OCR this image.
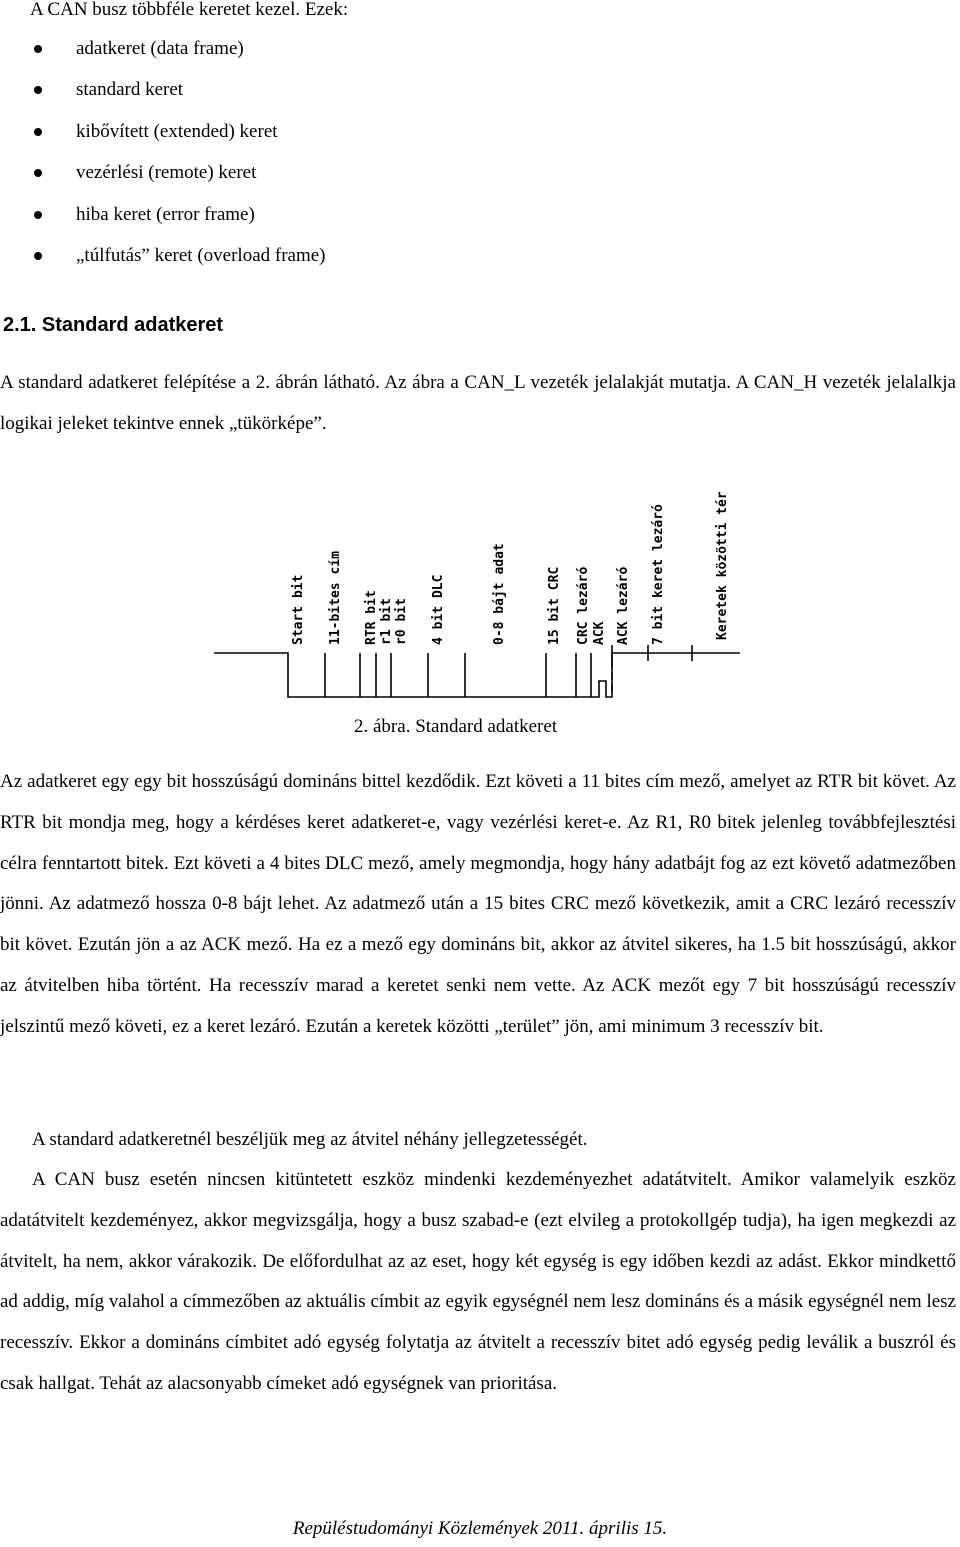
A CAN busz többféle keretet kezel. Ezek:
adatkeret (data frame)
standard keret
kibővített (extended) keret
vezérlési (remote) keret
hiba keret (error frame)
„túlfutás” keret (overload frame)
2.1. Standard adatkeret

A standard adatkeret felépítése a 2. ábrán látható. Az ábra a CAN_L vezeték jelalakját mutatja. A CAN_H vezeték jelalalkja logikai jeleket tekintve ennek „tükörképe”.

Start bit 11-bites cím RTR bit r1 bit r0 bit 4 bit DLC	0-8 bájt adat	15 bit CRC CRC lezáró ACK ACK lezáró 7 bit keret lezáró	Keretek közötti tér
2. ábra. Standard adatkeret

Az adatkeret egy egy bit hosszúságú domináns bittel kezdődik. Ezt követi a 11 bites cím mező, amelyet az RTR bit követ. Az RTR bit mondja meg, hogy a kérdéses keret adatkeret-e, vagy vezérlési keret-e. Az R1, R0 bitek jelenleg továbbfejlesztési célra fenntartott bitek. Ezt követi a 4 bites DLC mező, amely megmondja, hogy hány adatbájt fog az ezt követő adatmezőben jönni. Az adatmező hossza 0-8 bájt lehet. Az adatmező után a 15 bites CRC mező következik, amit a CRC lezáró recesszív bit követ. Ezután jön a az ACK mező. Ha ez a mező egy domináns bit, akkor az átvitel sikeres, ha 1.5 bit hosszúságú, akkor az átvitelben hiba történt. Ha recesszív marad a keretet senki nem vette. Az ACK mezőt egy 7 bit hosszúságú recesszív jelszintű mező követi, ez a keret lezáró. Ezután a keretek közötti „terület” jön, ami minimum 3 recesszív bit.

A standard adatkeretnél beszéljük meg az átvitel néhány jellegzetességét.

A CAN busz esetén nincsen kitüntetett eszköz mindenki kezdeményezhet adatátvitelt. Amikor valamelyik eszköz adatátvitelt kezdeményez, akkor megvizsgálja, hogy a busz szabad-e (ezt elvileg a protokollgép tudja), ha igen megkezdi az átvitelt, ha nem, akkor várakozik. De előfordulhat az az eset, hogy két egység is egy időben kezdi az adást. Ekkor mindkettő ad addig, míg valahol a címmezőben az aktuális címbit az egyik egységnél nem lesz domináns és a másik egységnél nem lesz recesszív. Ekkor a domináns címbitet adó egység folytatja az átvitelt a recesszív bitet adó egység pedig leválik a buszról és csak hallgat. Tehát az alacsonyabb címeket adó egységnek van prioritása.

Repüléstudományi Közlemények 2011. április 15.
